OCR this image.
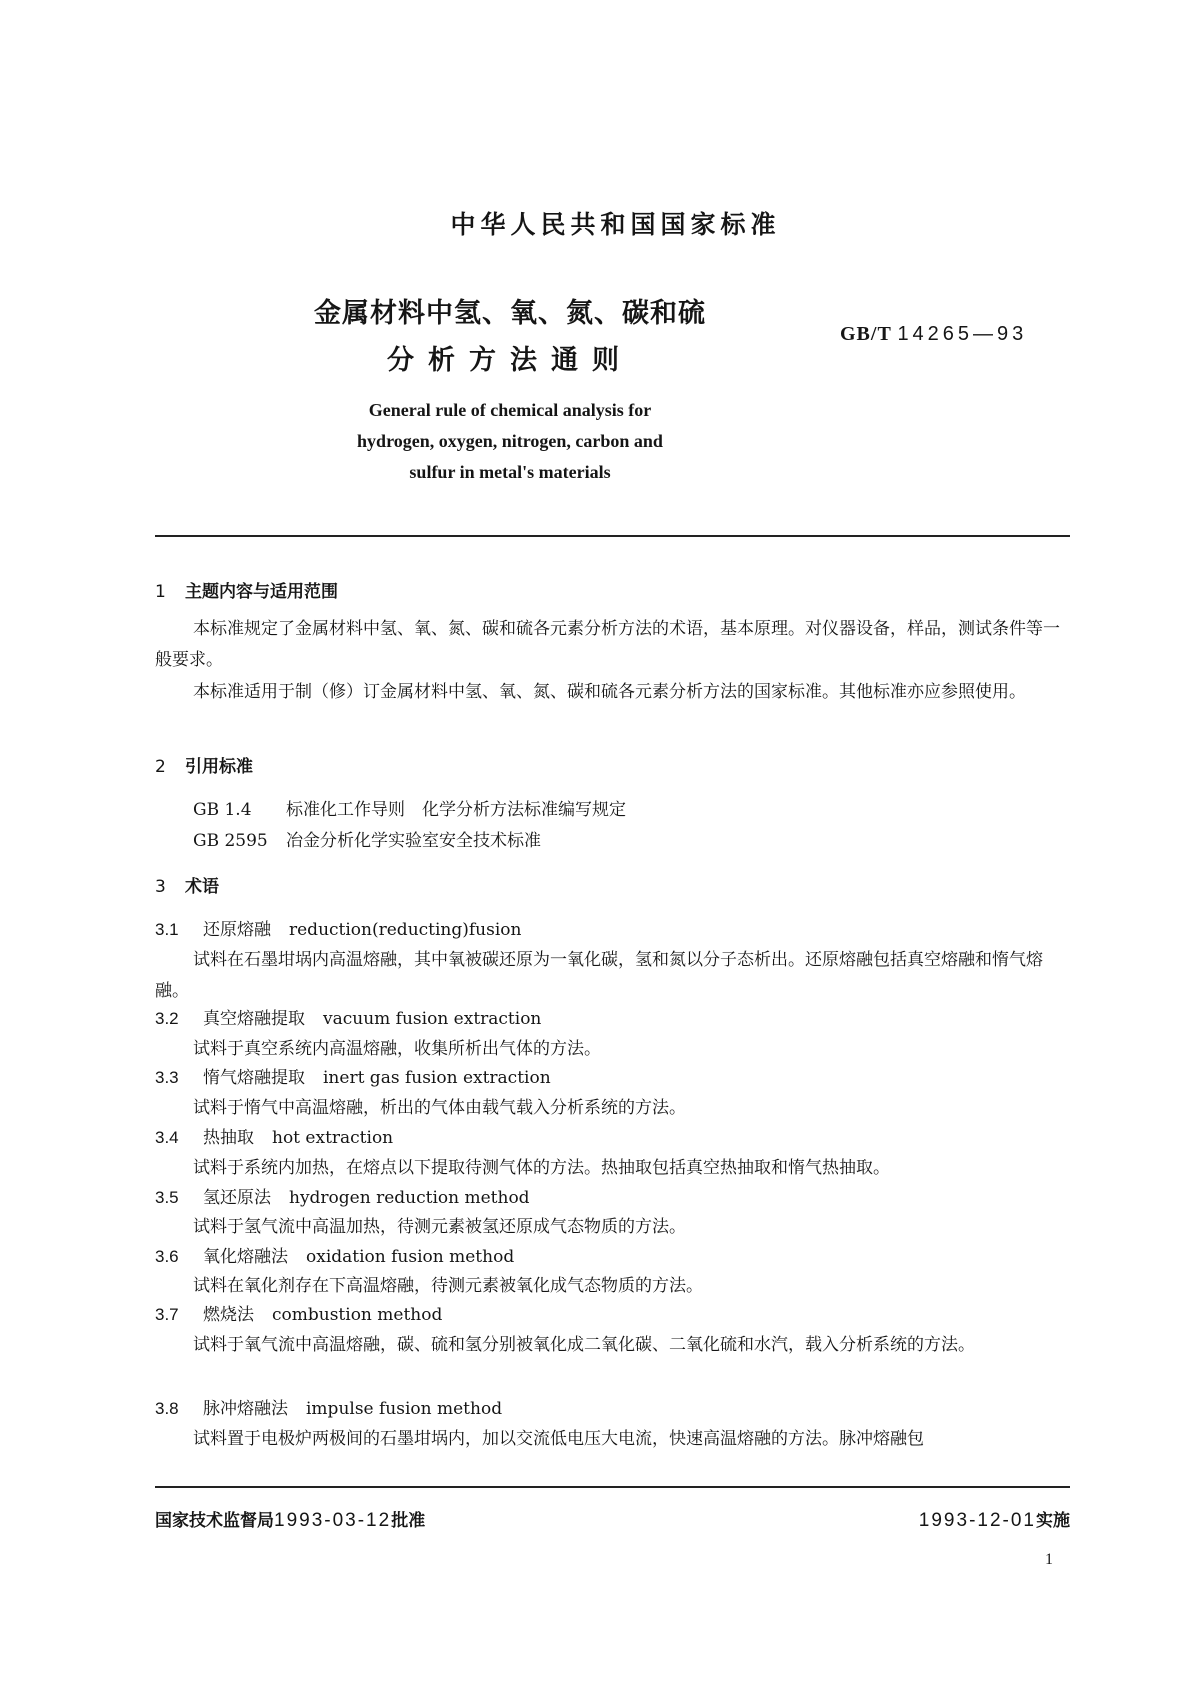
中华人民共和国国家标准
金属材料中氢、氧、氮、碳和硫
分析方法通则
GB/T 14265—93
General rule of chemical analysis for
hydrogen, oxygen, nitrogen, carbon and
sulfur in metal's materials
1 主题内容与适用范围
本标准规定了金属材料中氢、氧、氮、碳和硫各元素分析方法的术语，基本原理。对仪器设备，样品，测试条件等一般要求。
本标准适用于制（修）订金属材料中氢、氧、氮、碳和硫各元素分析方法的国家标准。其他标准亦应参照使用。
2 引用标准
GB 1.4 标准化工作导则　化学分析方法标准编写规定
GB 2595 冶金分析化学实验室安全技术标准
3 术语
3.1 还原熔融 reduction(reducting)fusion
试料在石墨坩埚内高温熔融，其中氧被碳还原为一氧化碳，氢和氮以分子态析出。还原熔融包括真空熔融和惰气熔融。
3.2 真空熔融提取 vacuum fusion extraction
试料于真空系统内高温熔融，收集所析出气体的方法。
3.3 惰气熔融提取 inert gas fusion extraction
试料于惰气中高温熔融，析出的气体由载气载入分析系统的方法。
3.4 热抽取 hot extraction
试料于系统内加热，在熔点以下提取待测气体的方法。热抽取包括真空热抽取和惰气热抽取。
3.5 氢还原法 hydrogen reduction method
试料于氢气流中高温加热，待测元素被氢还原成气态物质的方法。
3.6 氧化熔融法 oxidation fusion method
试料在氧化剂存在下高温熔融，待测元素被氧化成气态物质的方法。
3.7 燃烧法 combustion method
试料于氧气流中高温熔融，碳、硫和氢分别被氧化成二氧化碳、二氧化硫和水汽，载入分析系统的方法。
3.8 脉冲熔融法 impulse fusion method
试料置于电极炉两极间的石墨坩埚内，加以交流低电压大电流，快速高温熔融的方法。脉冲熔融包
国家技术监督局1993-03-12批准	1993-12-01实施
1
